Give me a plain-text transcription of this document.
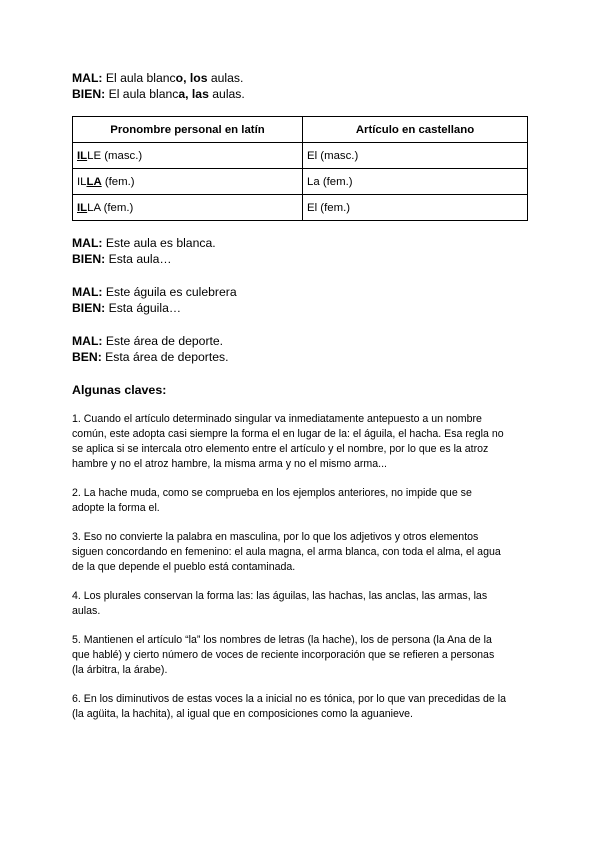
MAL: El aula blanco, los aulas.
BIEN: El aula blanca, las aulas.
Pronombre personal en latín	Artículo en castellano
ILLE (masc.)	El (masc.)
ILLA (fem.)	La (fem.)
ILLA (fem.)	El (fem.)
MAL: Este aula es blanca.
BIEN: Esta aula…
MAL: Este águila es culebrera
BIEN: Esta águila…
MAL: Este área de deporte.
BEN: Esta área de deportes.
Algunas claves:
1. Cuando el artículo determinado singular va inmediatamente antepuesto a un nombre
común, este adopta casi siempre la forma el en lugar de la: el águila, el hacha. Esa regla no
se aplica si se intercala otro elemento entre el artículo y el nombre, por lo que es la atroz
hambre y no el atroz hambre, la misma arma y no el mismo arma...
2. La hache muda, como se comprueba en los ejemplos anteriores, no impide que se
adopte la forma el.
3. Eso no convierte la palabra en masculina, por lo que los adjetivos y otros elementos
siguen concordando en femenino: el aula magna, el arma blanca, con toda el alma, el agua
de la que depende el pueblo está contaminada.
4. Los plurales conservan la forma las: las águilas, las hachas, las anclas, las armas, las
aulas.
5. Mantienen el artículo “la” los nombres de letras (la hache), los de persona (la Ana de la
que hablé) y cierto número de voces de reciente incorporación que se refieren a personas
(la árbitra, la árabe).
6. En los diminutivos de estas voces la a inicial no es tónica, por lo que van precedidas de la
(la agüita, la hachita), al igual que en composiciones como la aguanieve.
